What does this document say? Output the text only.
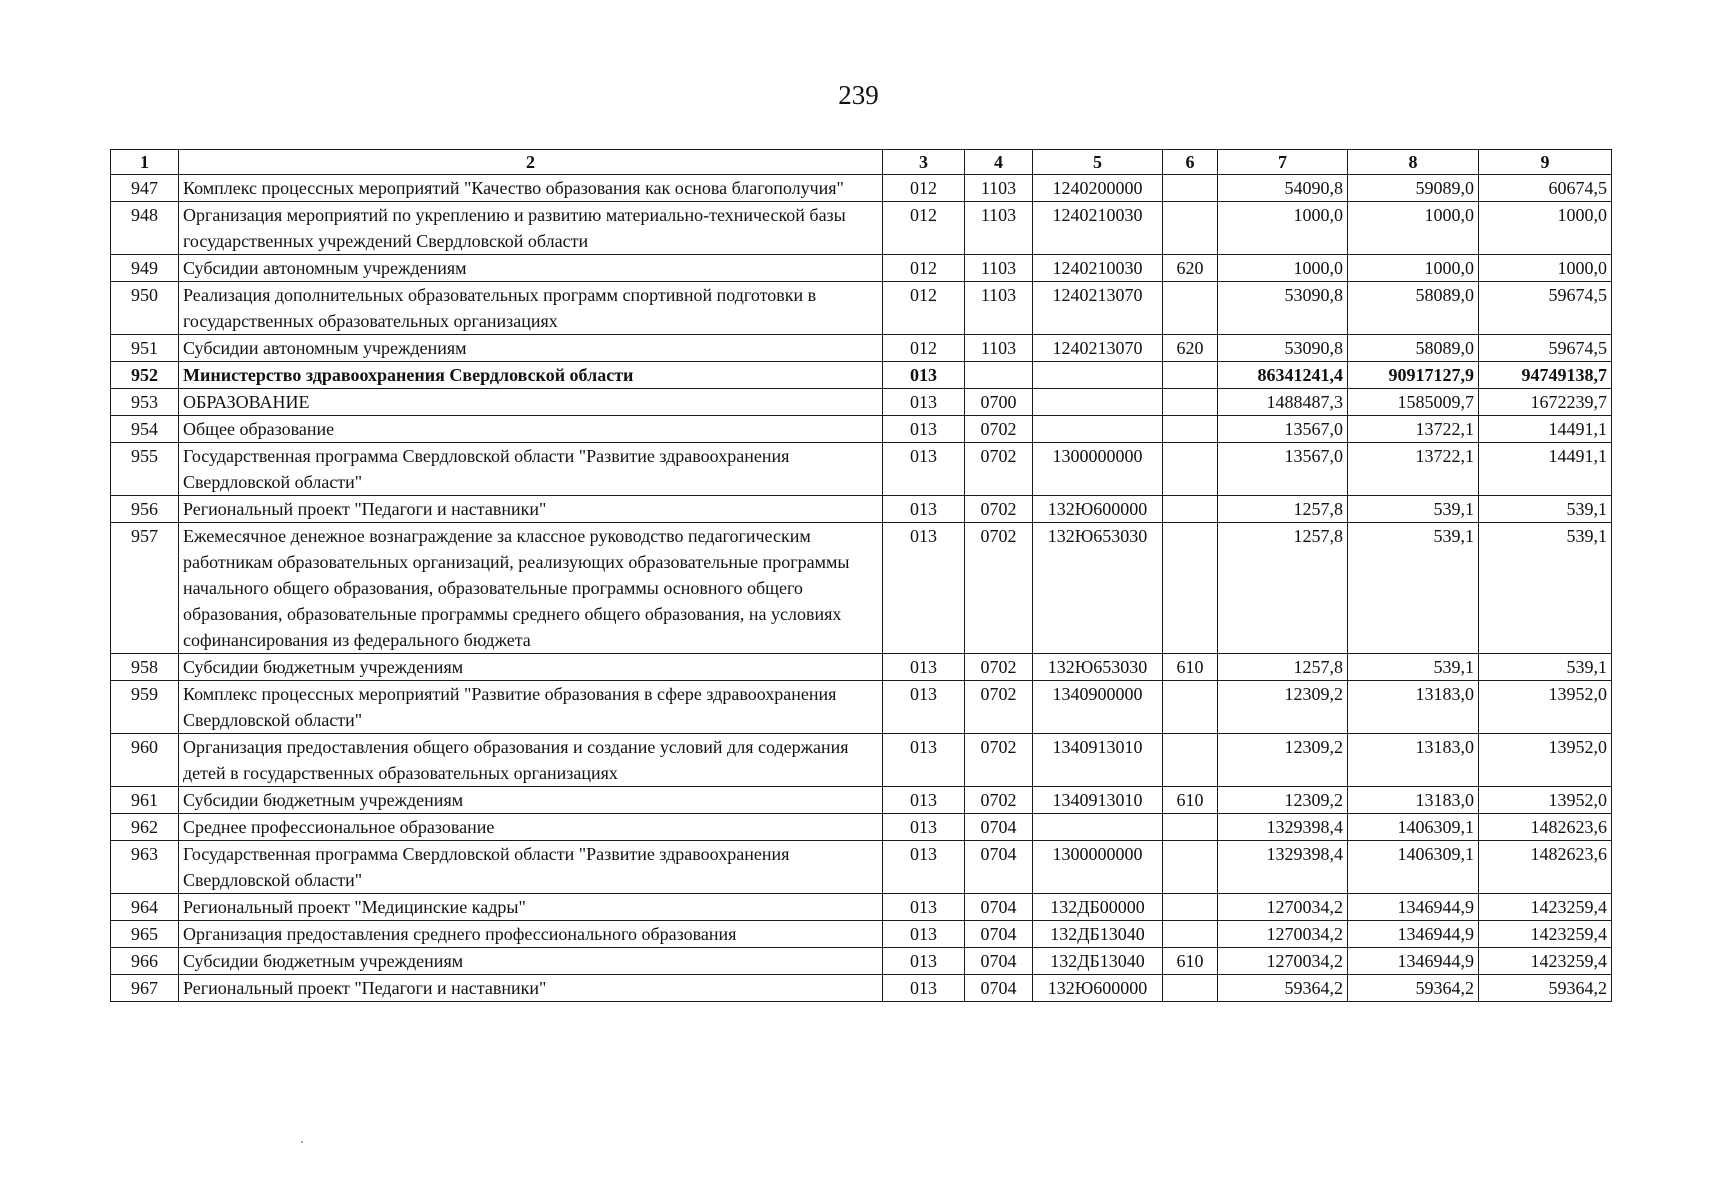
239
1	2	3	4	5	6	7	8	9
947	Комплекс процессных мероприятий "Качество образования как основа благополучия"	012	1103	1240200000		54090,8	59089,0	60674,5
948	Организация мероприятий по укреплению и развитию материально-технической базы государственных учреждений Свердловской области	012	1103	1240210030		1000,0	1000,0	1000,0
949	Субсидии автономным учреждениям	012	1103	1240210030	620	1000,0	1000,0	1000,0
950	Реализация дополнительных образовательных программ спортивной подготовки в государственных образовательных организациях	012	1103	1240213070		53090,8	58089,0	59674,5
951	Субсидии автономным учреждениям	012	1103	1240213070	620	53090,8	58089,0	59674,5
952	Министерство здравоохранения Свердловской области	013				86341241,4	90917127,9	94749138,7
953	ОБРАЗОВАНИЕ	013	0700			1488487,3	1585009,7	1672239,7
954	Общее образование	013	0702			13567,0	13722,1	14491,1
955	Государственная программа Свердловской области "Развитие здравоохранения Свердловской области"	013	0702	1300000000		13567,0	13722,1	14491,1
956	Региональный проект "Педагоги и наставники"	013	0702	132Ю600000		1257,8	539,1	539,1
957	Ежемесячное денежное вознаграждение за классное руководство педагогическим работникам образовательных организаций, реализующих образовательные программы начального общего образования, образовательные программы основного общего образования, образовательные программы среднего общего образования, на условиях софинансирования из федерального бюджета	013	0702	132Ю653030		1257,8	539,1	539,1
958	Субсидии бюджетным учреждениям	013	0702	132Ю653030	610	1257,8	539,1	539,1
959	Комплекс процессных мероприятий "Развитие образования в сфере здравоохранения Свердловской области"	013	0702	1340900000		12309,2	13183,0	13952,0
960	Организация предоставления общего образования и создание условий для содержания детей в государственных образовательных организациях	013	0702	1340913010		12309,2	13183,0	13952,0
961	Субсидии бюджетным учреждениям	013	0702	1340913010	610	12309,2	13183,0	13952,0
962	Среднее профессиональное образование	013	0704			1329398,4	1406309,1	1482623,6
963	Государственная программа Свердловской области "Развитие здравоохранения Свердловской области"	013	0704	1300000000		1329398,4	1406309,1	1482623,6
964	Региональный проект "Медицинские кадры"	013	0704	132ДБ00000		1270034,2	1346944,9	1423259,4
965	Организация предоставления среднего профессионального образования	013	0704	132ДБ13040		1270034,2	1346944,9	1423259,4
966	Субсидии бюджетным учреждениям	013	0704	132ДБ13040	610	1270034,2	1346944,9	1423259,4
967	Региональный проект "Педагоги и наставники"	013	0704	132Ю600000		59364,2	59364,2	59364,2
